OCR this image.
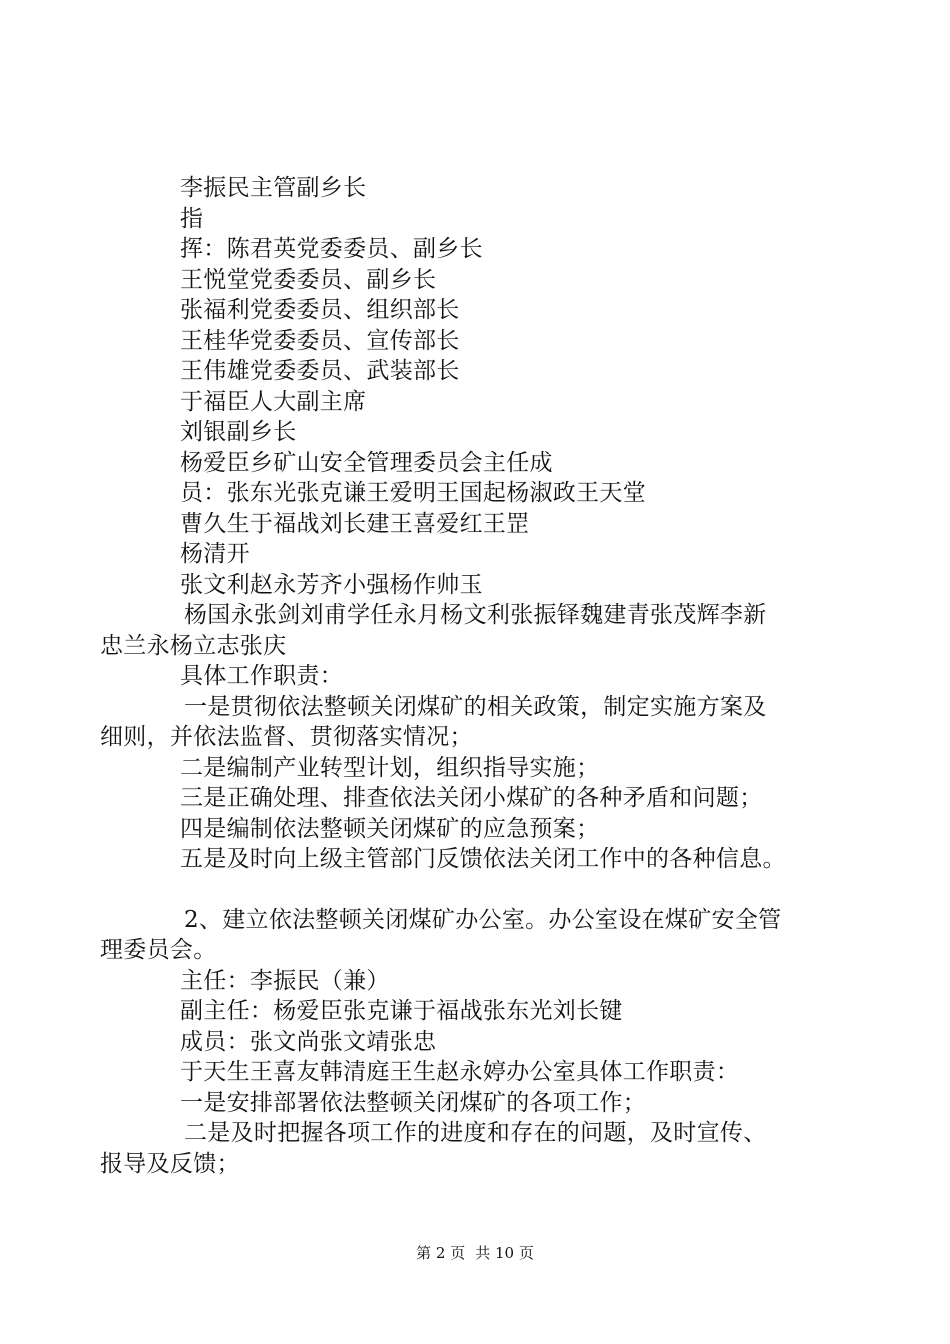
李振民主管副乡长
指
挥：陈君英党委委员、副乡长
王悦堂党委委员、副乡长
张福利党委委员、组织部长
王桂华党委委员、宣传部长
王伟雄党委委员、武装部长
于福臣人大副主席
刘银副乡长
杨爱臣乡矿山安全管理委员会主任成
员：张东光张克谦王爱明王国起杨淑政王天堂
曹久生于福战刘长建王喜爱红王罡
杨清开
张文利赵永芳齐小强杨作帅玉
杨国永张剑刘甫学任永月杨文利张振铎魏建青张茂辉李新
忠兰永杨立志张庆
具体工作职责：
一是贯彻依法整顿关闭煤矿的相关政策，制定实施方案及
细则，并依法监督、贯彻落实情况；
二是编制产业转型计划，组织指导实施；
三是正确处理、排查依法关闭小煤矿的各种矛盾和问题；
四是编制依法整顿关闭煤矿的应急预案；
五是及时向上级主管部门反馈依法关闭工作中的各种信息。
2、建立依法整顿关闭煤矿办公室。办公室设在煤矿安全管
理委员会。
主任：李振民（兼）
副主任：杨爱臣张克谦于福战张东光刘长键
成员：张文尚张文靖张忠
于天生王喜友韩清庭王生赵永婷办公室具体工作职责：
一是安排部署依法整顿关闭煤矿的各项工作；
二是及时把握各项工作的进度和存在的问题，及时宣传、
报导及反馈；
第 2 页 共 10 页
